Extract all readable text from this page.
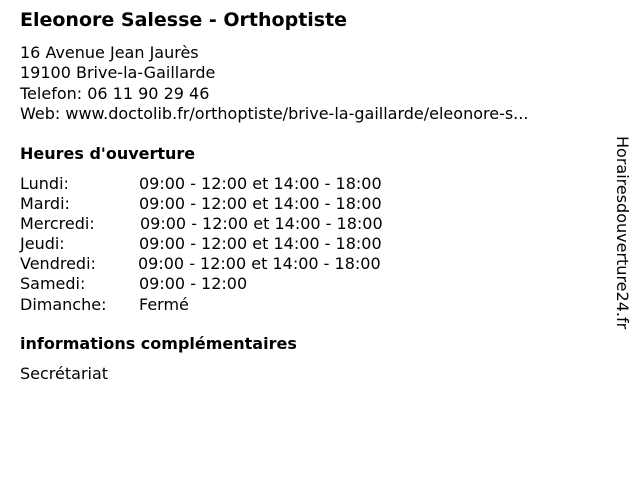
Eleonore Salesse - Orthoptiste
16 Avenue Jean Jaurès
19100 Brive-la-Gaillarde
Telefon: 06 11 90 29 46
Web: www.doctolib.fr/orthoptiste/brive-la-gaillarde/eleonore-s...
Heures d'ouverture
Lundi:	09:00 - 12:00 et 14:00 - 18:00
Mardi:	09:00 - 12:00 et 14:00 - 18:00
Mercredi:	09:00 - 12:00 et 14:00 - 18:00
Jeudi:	09:00 - 12:00 et 14:00 - 18:00
Vendredi:	09:00 - 12:00 et 14:00 - 18:00
Samedi:	09:00 - 12:00
Dimanche: Fermé
informations complémentaires
Secrétariat
Horairesdouverture24.fr
